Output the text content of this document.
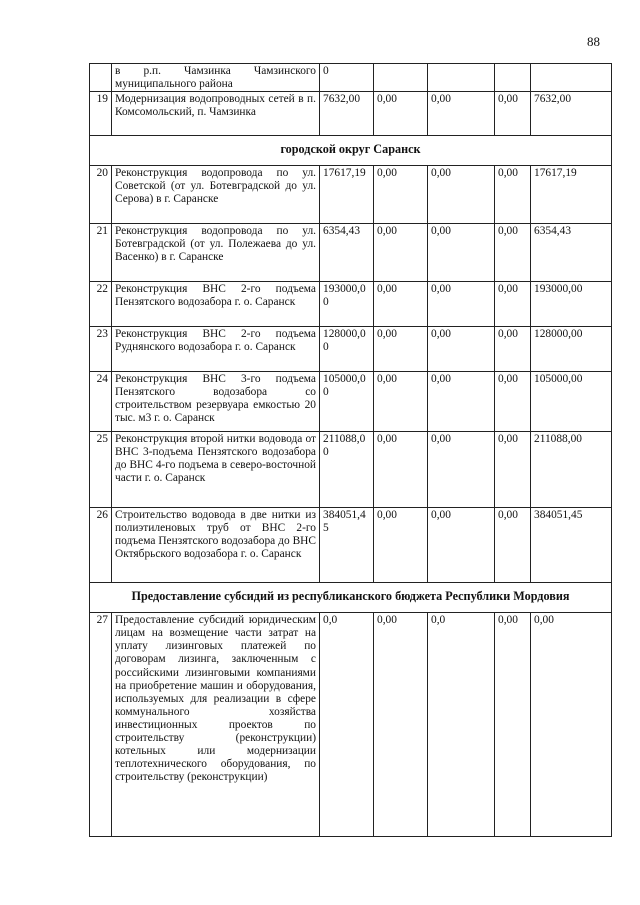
88
	в р.п. Чамзинка Чамзинского муниципального района	0				
19	Модернизация водопроводных сетей в п. Комсомольский, п. Чамзинка	7632,00	0,00	0,00	0,00	7632,00
городской округ Саранск						
20	Реконструкция водопровода по ул. Советской (от ул. Ботевградской до ул. Серова) в г. Саранске	17617,19	0,00	0,00	0,00	17617,19
21	Реконструкция водопровода по ул. Ботевградской (от ул. Полежаева до ул. Васенко) в г. Саранске	6354,43	0,00	0,00	0,00	6354,43
22	Реконструкция ВНС 2-го подъема Пензятского водозабора г. о. Саранск	193000,00	0,00	0,00	0,00	193000,00
23	Реконструкция ВНС 2-го подъема Руднянского водозабора г. о. Саранск	128000,00	0,00	0,00	0,00	128000,00
24	Реконструкция ВНС 3-го подъема Пензятского водозабора со строительством резервуара емкостью 20 тыс. м3 г. о. Саранск	105000,00	0,00	0,00	0,00	105000,00
25	Реконструкция второй нитки водовода от ВНС 3-подъема Пензятского водозабора до ВНС 4-го подъема в северо-восточной части г. о. Саранск	211088,00	0,00	0,00	0,00	211088,00
26	Строительство водовода в две нитки из полиэтиленовых труб от ВНС 2-го подъема Пензятского водозабора до ВНС Октябрьского водозабора г. о. Саранск	384051,45	0,00	0,00	0,00	384051,45
Предоставление субсидий из республиканского бюджета Республики Мордовия						
27	Предоставление субсидий юридическим лицам на возмещение части затрат на уплату лизинговых платежей по договорам лизинга, заключенным с российскими лизинговыми компаниями на приобретение машин и оборудования, используемых для реализации в сфере коммунального хозяйства инвестиционных проектов по строительству (реконструкции) котельных или модернизации теплотехнического оборудования, по строительству (реконструкции)	0,0	0,00	0,0	0,00	0,00
